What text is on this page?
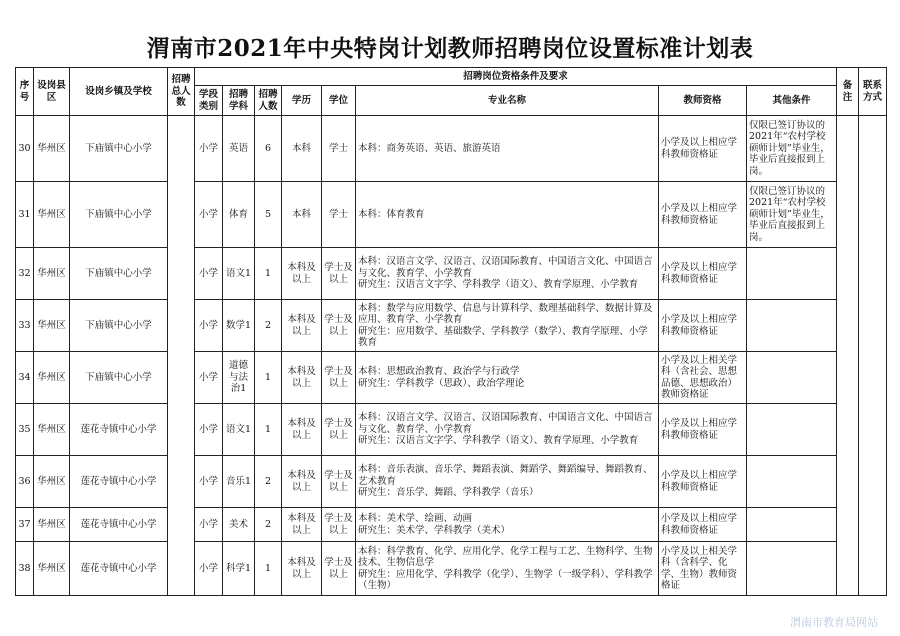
渭南市2021年中央特岗计划教师招聘岗位设置标准计划表
序号	设岗县区	设岗乡镇及学校	招聘总人数	招聘岗位资格条件及要求								备注	联系方式
				学段类别	招聘学科	招聘人数	学历	学位	专业名称	教师资格	其他条件		
30	华州区	下庙镇中心小学		小学	英语	6	本科	学士	本科：商务英语、英语、旅游英语	小学及以上相应学科教师资格证	仅限已签订协议的2021年“农村学校硕师计划”毕业生，毕业后直接报到上岗。		
31	华州区	下庙镇中心小学		小学	体育	5	本科	学士	本科：体育教育	小学及以上相应学科教师资格证	仅限已签订协议的2021年“农村学校硕师计划”毕业生，毕业后直接报到上岗。		
32	华州区	下庙镇中心小学		小学	语文1	1	本科及以上	学士及以上	本科：汉语言文学、汉语言、汉语国际教育、中国语言文化、中国语言与文化、教育学、小学教育
研究生：汉语言文字学、学科教学（语文）、教育学原理、小学教育	小学及以上相应学科教师资格证			
33	华州区	下庙镇中心小学		小学	数学1	2	本科及以上	学士及以上	本科：数学与应用数学、信息与计算科学、数理基础科学、数据计算及应用、教育学、小学教育
研究生：应用数学、基础数学、学科教学（数学）、教育学原理、小学教育	小学及以上相应学科教师资格证			
34	华州区	下庙镇中心小学		小学	道德与法治1	1	本科及以上	学士及以上	本科：思想政治教育、政治学与行政学
研究生：学科教学（思政）、政治学理论	小学及以上相关学科（含社会、思想品德、思想政治）教师资格证			
35	华州区	莲花寺镇中心小学		小学	语文1	1	本科及以上	学士及以上	本科：汉语言文学、汉语言、汉语国际教育、中国语言文化、中国语言与文化、教育学、小学教育
研究生：汉语言文字学、学科教学（语文）、教育学原理、小学教育	小学及以上相应学科教师资格证			
36	华州区	莲花寺镇中心小学		小学	音乐1	2	本科及以上	学士及以上	本科：音乐表演、音乐学、舞蹈表演、舞蹈学、舞蹈编导、舞蹈教育、艺术教育
研究生：音乐学、舞蹈、学科教学（音乐）	小学及以上相应学科教师资格证			
37	华州区	莲花寺镇中心小学		小学	美术	2	本科及以上	学士及以上	本科：美术学、绘画、动画
研究生：美术学、学科教学（美术）	小学及以上相应学科教师资格证			
38	华州区	莲花寺镇中心小学		小学	科学1	1	本科及以上	学士及以上	本科：科学教育、化学、应用化学、化学工程与工艺、生物科学、生物技术、生物信息学
研究生：应用化学、学科教学（化学）、生物学（一级学科）、学科教学（生物）	小学及以上相关学科（含科学、化学、生物）教师资格证			
渭南市教育局网站
